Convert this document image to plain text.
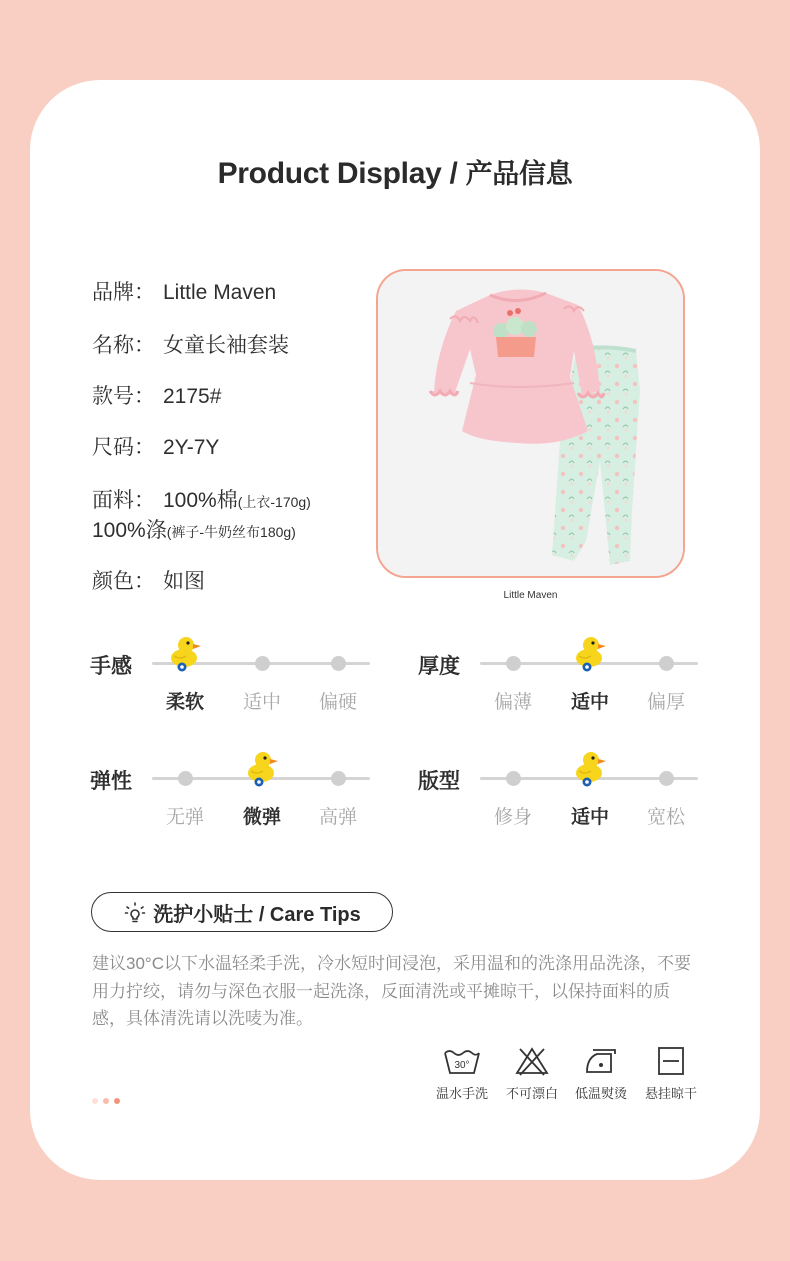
Product Display / 产品信息
品牌： Little Maven
名称： 女童长袖套装
款号： 2175#
尺码： 2Y-7Y
面料： 100%棉(上衣-170g)
100%涤(裤子-牛奶丝布180g)
颜色： 如图
Little Maven
手感
柔软	适中	偏硬
厚度
偏薄	适中	偏厚
弹性
无弹	微弹	高弹
版型
修身	适中	宽松
洗护小贴士 / Care Tips
建议30°C以下水温轻柔手洗，冷水短时间浸泡，采用温和的洗涤用品洗涤，不要用力拧绞，请勿与深色衣服一起洗涤，反面清洗或平摊晾干，以保持面料的质感，具体清洗请以洗唛为准。
30°
温水手洗	不可漂白	低温熨烫	悬挂晾干
